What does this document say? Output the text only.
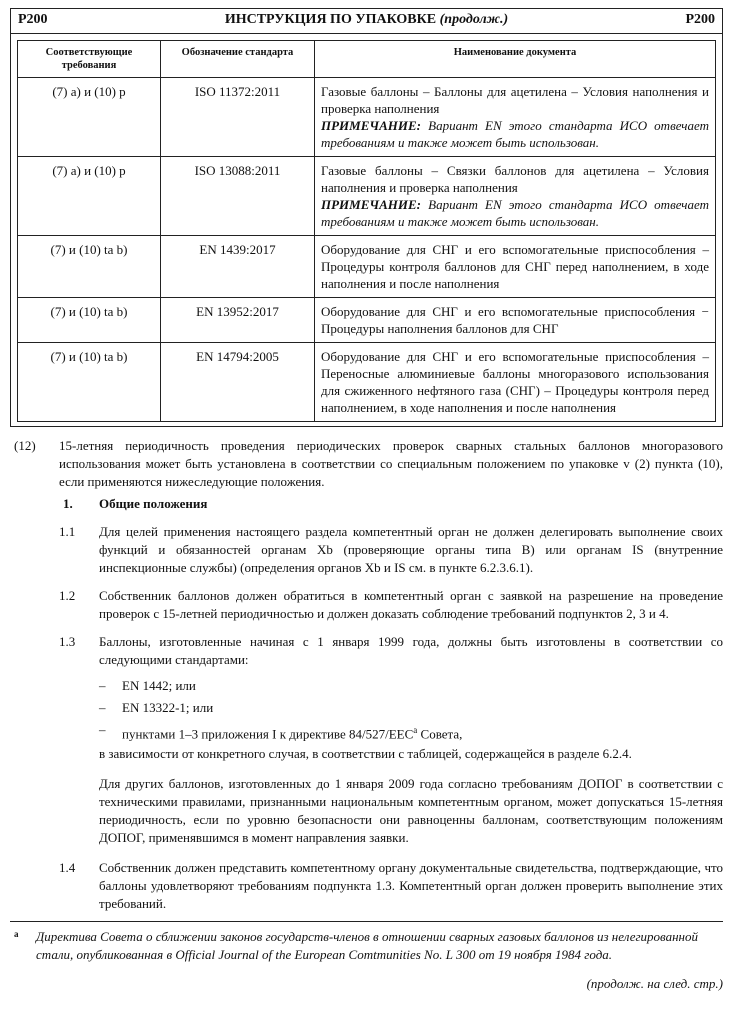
P200	ИНСТРУКЦИЯ ПО УПАКОВКЕ (продолж.)	P200
Соответствующие требования	Обозначение стандарта	Наименование документа
(7) a) и (10) p	ISO 11372:2011	Газовые баллоны – Баллоны для ацетилена – Условия наполнения и проверка наполнения
ПРИМЕЧАНИЕ: Вариант EN этого стандарта ИСО отвечает требованиям и также может быть использован.

(7) a) и (10) p	ISO 13088:2011	Газовые баллоны – Связки баллонов для ацетилена – Условия наполнения и проверка наполнения
ПРИМЕЧАНИЕ: Вариант EN этого стандарта ИСО отвечает требованиям и также может быть использован.

(7) и (10) ta b)	EN 1439:2017	Оборудование для СНГ и его вспомогательные приспособления – Процедуры контроля баллонов для СНГ перед наполнением, в ходе наполнения и после наполнения
(7) и (10) ta b)	EN 13952:2017	Оборудование для СНГ и его вспомогательные приспособления − Процедуры наполнения баллонов для СНГ
(7) и (10) ta b)	EN 14794:2005	Оборудование для СНГ и его вспомогательные приспособления – Переносные алюминиевые баллоны многоразового использования для сжиженного нефтяного газа (СНГ) – Процедуры контроля перед наполнением, в ходе наполнения и после наполнения
(12) 15-летняя периодичность проведения периодических проверок сварных стальных баллонов многоразового использования может быть установлена в соответствии со специальным положением по упаковке v (2) пункта (10), если применяются нижеследующие положения.
1. Общие положения
1.1 Для целей применения настоящего раздела компетентный орган не должен делегировать выполнение своих функций и обязанностей органам Xb (проверяющие органы типа B) или органам IS (внутренние инспекционные службы) (определения органов Xb и IS см. в пункте 6.2.3.6.1).
1.2 Собственник баллонов должен обратиться в компетентный орган с заявкой на разрешение на проведение проверок с 15-летней периодичностью и должен доказать соблюдение требований подпунктов 2, 3 и 4.
1.3 Баллоны, изготовленные начиная с 1 января 1999 года, должны быть изготовлены в соответствии со следующими стандартами:
– EN 1442; или
– EN 13322-1; или
– пунктами 1–3 приложения I к директиве 84/527/EEC$^a$ Совета,
в зависимости от конкретного случая, в соответствии с таблицей, содержащейся в разделе 6.2.4.
Для других баллонов, изготовленных до 1 января 2009 года согласно требованиям ДОПОГ в соответствии с техническими правилами, признанными национальным компетентным органом, может допускаться 15-летняя периодичность, если по уровню безопасности они равноценны баллонам, соответствующим положениям ДОПОГ, применявшимся в момент направления заявки.
1.4 Собственник должен представить компетентному органу документальные свидетельства, подтверждающие, что баллоны удовлетворяют требованиям подпункта 1.3. Компетентный орган должен проверить выполнение этих требований.
a Директива Совета о сближении законов государств-членов в отношении сварных газовых баллонов из нелегированной стали, опубликованная в Official Journal of the European Comtmunities No. L 300 от 19 ноября 1984 года.
(продолж. на след. стр.)
